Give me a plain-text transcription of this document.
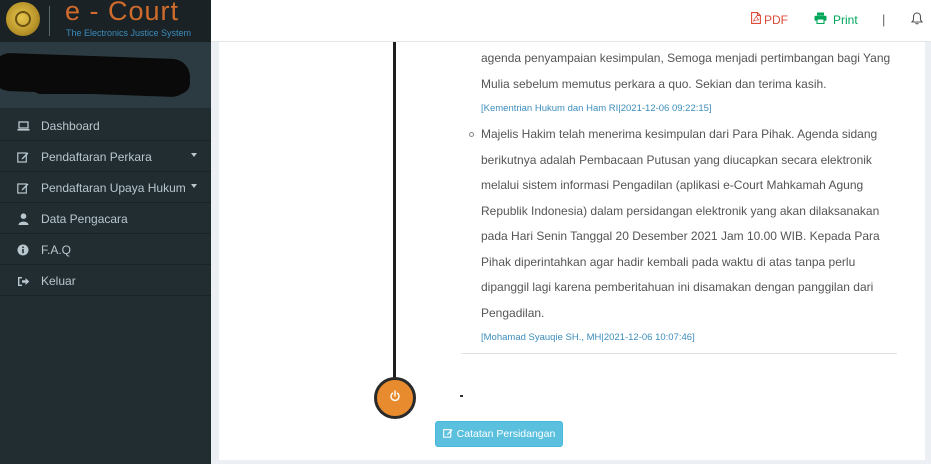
e - Court
The Electronics Justice System
Dashboard
Pendaftaran Perkara
Pendaftaran Upaya Hukum
Data Pengacara
F.A.Q
Keluar
PDF	Print |
agenda penyampaian kesimpulan, Semoga menjadi pertimbangan bagi Yang
Mulia sebelum memutus perkara a quo. Sekian dan terima kasih.
[Kementrian Hukum dan Ham RI|2021-12-06 09:22:15]
Majelis Hakim telah menerima kesimpulan dari Para Pihak. Agenda sidang
berikutnya adalah Pembacaan Putusan yang diucapkan secara elektronik
melalui sistem informasi Pengadilan (aplikasi e-Court Mahkamah Agung
Republik Indonesia) dalam persidangan elektronik yang akan dilaksanakan
pada Hari Senin Tanggal 20 Desember 2021 Jam 10.00 WIB. Kepada Para
Pihak diperintahkan agar hadir kembali pada waktu di atas tanpa perlu
dipanggil lagi karena pemberitahuan ini disamakan dengan panggilan dari
Pengadilan.
[Mohamad Syauqie SH., MH|2021-12-06 10:07:46]
Catatan Persidangan
